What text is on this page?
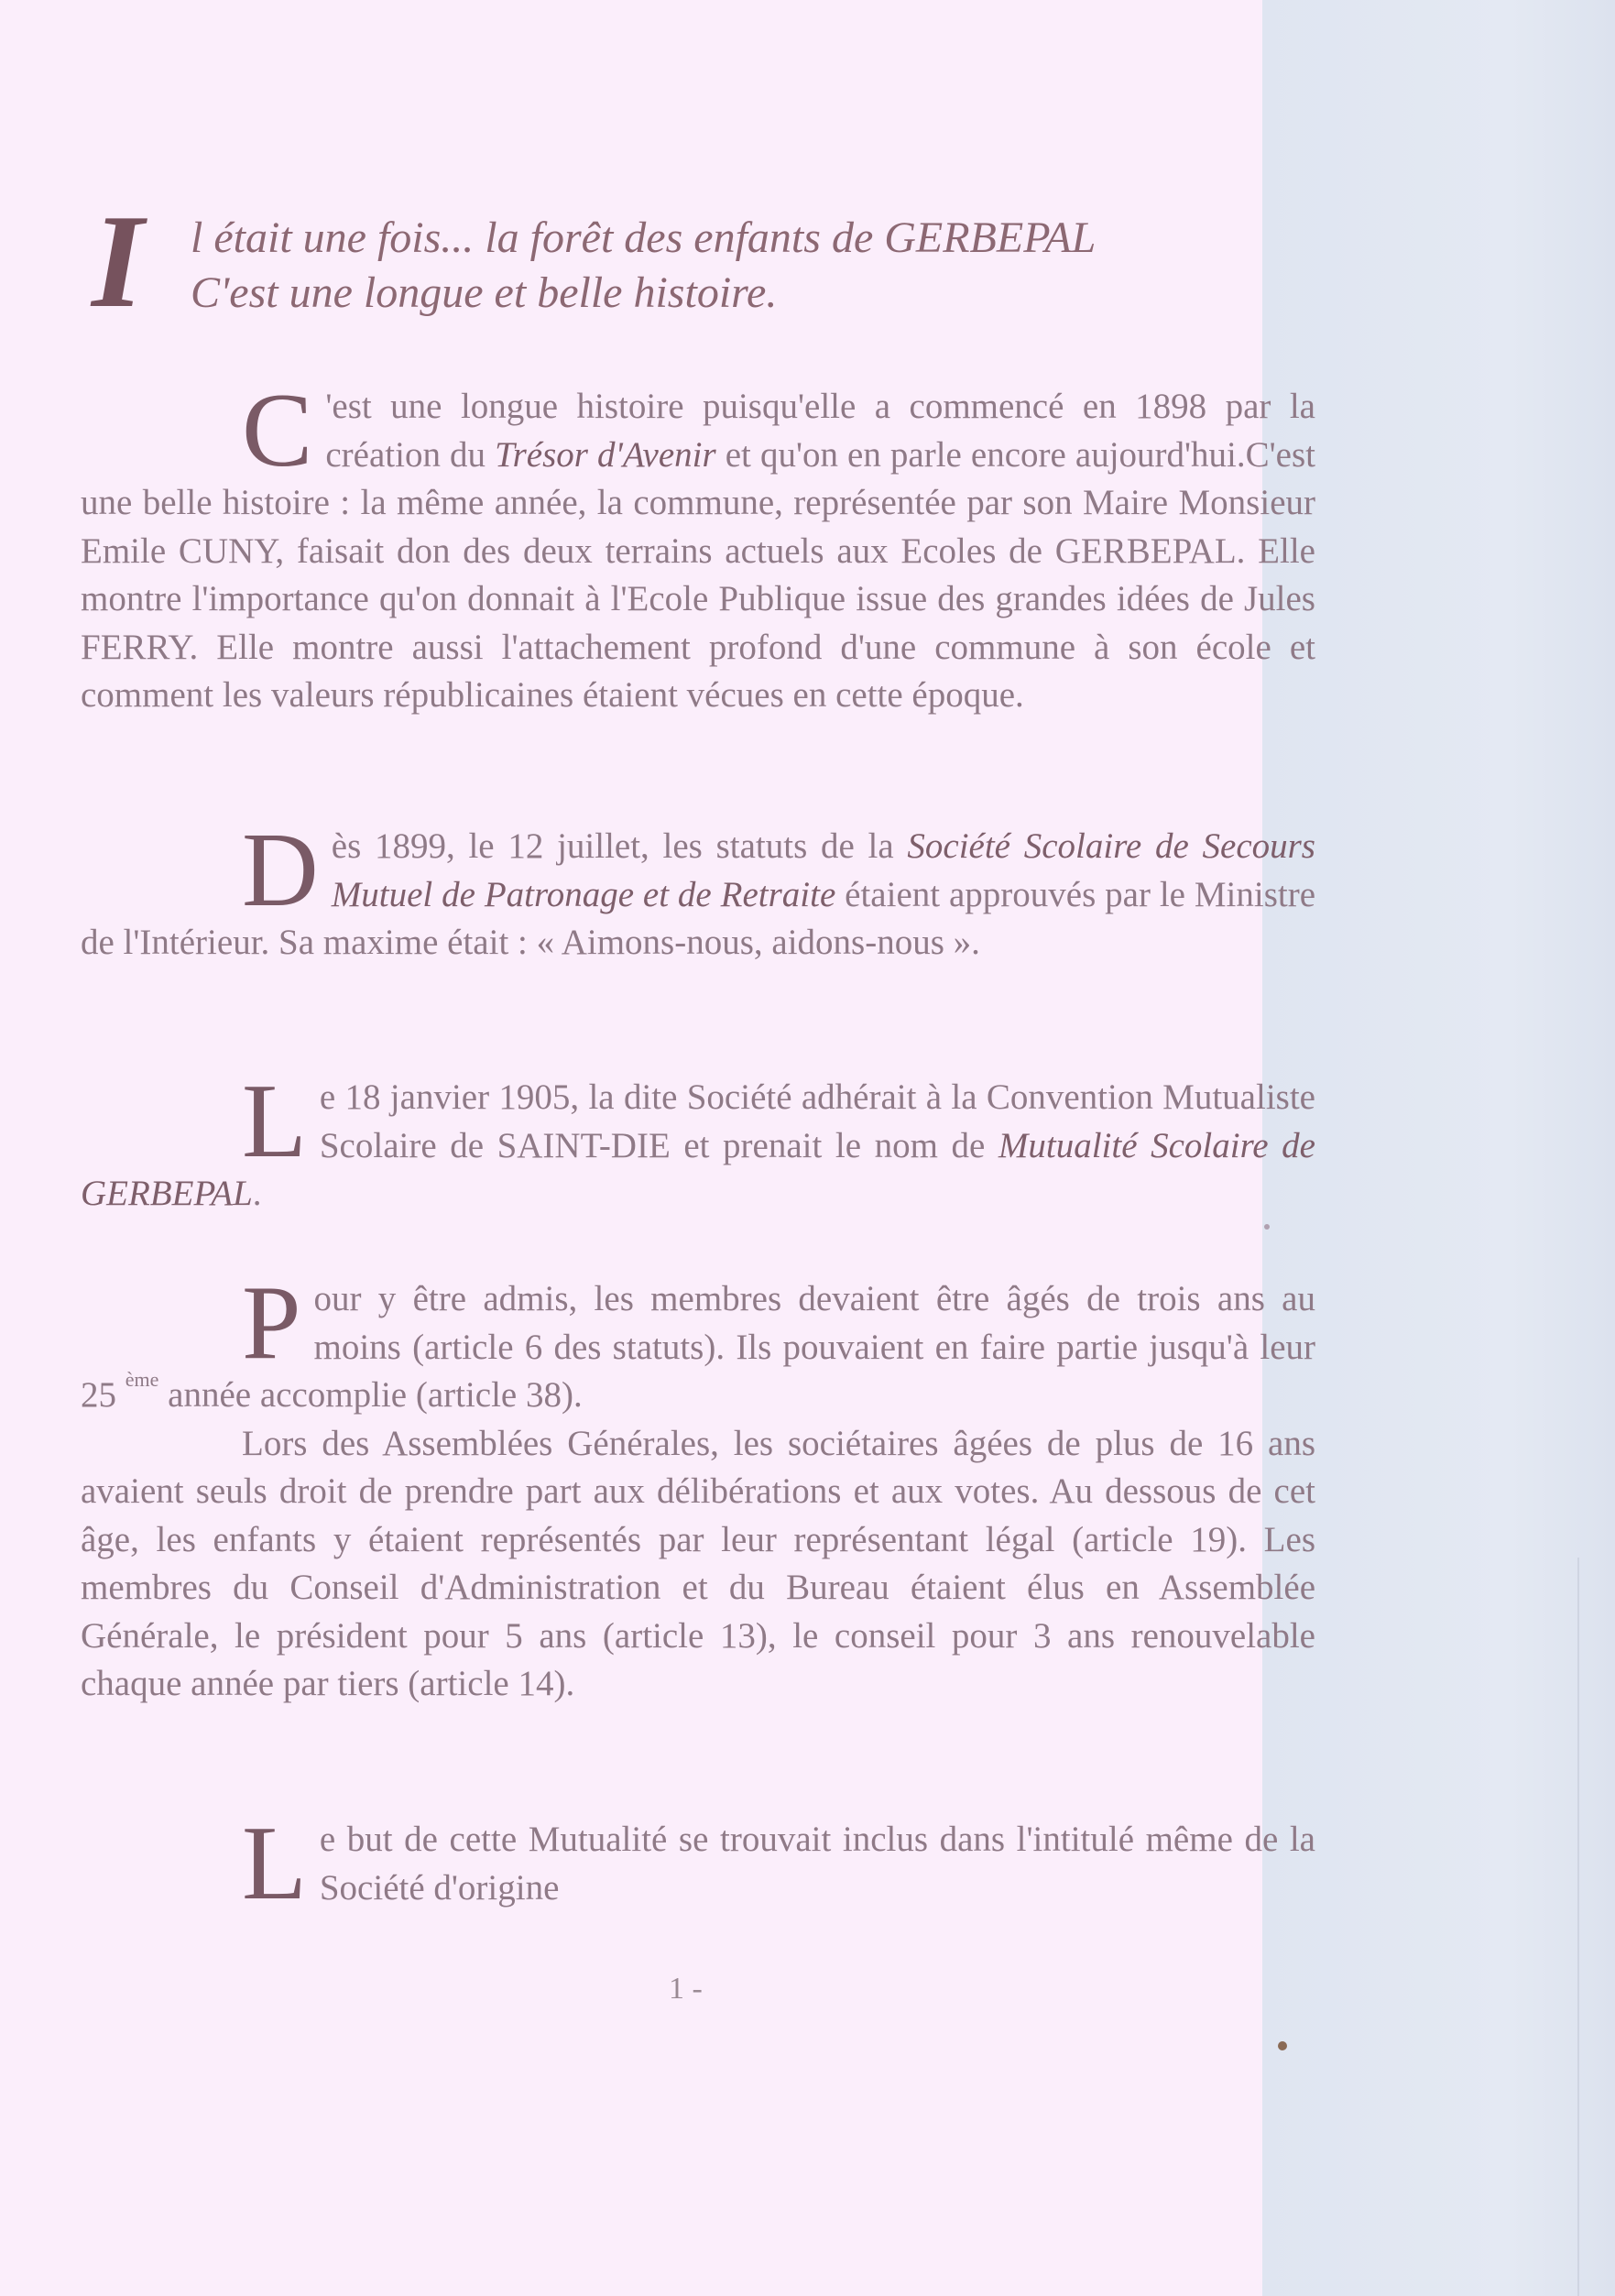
I l était une fois... la forêt des enfants de GERBEPAL
C'est une longue et belle histoire.
C 'est une longue histoire puisqu'elle a commencé en 1898 par la création du Trésor d'Avenir et qu'on en parle encore aujourd'hui.C'est une belle histoire : la même année, la commune, représentée par son Maire Monsieur Emile CUNY, faisait don des deux terrains actuels aux Ecoles de GERBEPAL. Elle montre l'importance qu'on donnait à l'Ecole Publique issue des grandes idées de Jules FERRY. Elle montre aussi l'attachement profond d'une commune à son école et comment les valeurs républicaines étaient vécues en cette époque.
D ès 1899, le 12 juillet, les statuts de la Société Scolaire de Secours Mutuel de Patronage et de Retraite étaient approuvés par le Ministre de l'Intérieur. Sa maxime était : « Aimons-nous, aidons-nous ».
L e 18 janvier 1905, la dite Société adhérait à la Convention Mutualiste Scolaire de SAINT-DIE et prenait le nom de Mutualité Scolaire de GERBEPAL.

P our y être admis, les membres devaient être âgés de trois ans au moins (article 6 des statuts). Ils pouvaient en faire partie jusqu'à leur 25 $^{ème}$ année accomplie (article 38).

Lors des Assemblées Générales, les sociétaires âgées de plus de 16 ans avaient seuls droit de prendre part aux délibérations et aux votes. Au dessous de cet âge, les enfants y étaient représentés par leur représentant légal (article 19). Les membres du Conseil d'Administration et du Bureau étaient élus en Assemblée Générale, le président pour 5 ans (article 13), le conseil pour 3 ans renouvelable chaque année par tiers (article 14).

L e but de cette Mutualité se trouvait inclus dans l'intitulé même de la Société d'origine
1 -
